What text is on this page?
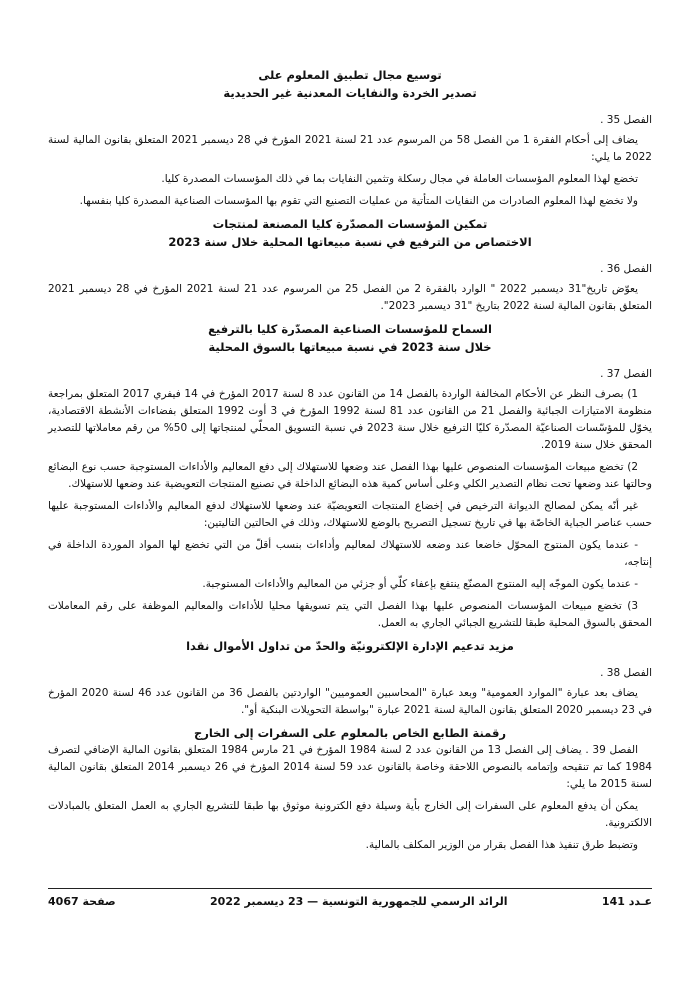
توسيع مجال تطبيق المعلوم على

تصدير الخردة والنفايات المعدنية غير الحديدية

الفصل 35 .

يضاف إلى أحكام الفقرة 1 من الفصل 58 من المرسوم عدد 21 لسنة 2021 المؤرخ في 28 ديسمبر 2021 المتعلق بقانون المالية لسنة 2022 ما يلي:

تخضع لهذا المعلوم المؤسسات العاملة في مجال رسكلة وتثمين النفايات بما في ذلك المؤسسات المصدرة كليا.

ولا تخضع لهذا المعلوم الصادرات من النفايات المتأتية من عمليات التصنيع التي تقوم بها المؤسسات الصناعية المصدرة كليا بنفسها.

تمكين المؤسسات المصدّرة كليا المصنعة لمنتجات

الاختصاص من الترفيع في نسبة مبيعاتها المحلية خلال سنة 2023

الفصل 36 .

يعوّض تاريخ"31 ديسمبر 2022 " الوارد بالفقرة 2 من الفصل 25 من المرسوم عدد 21 لسنة 2021 المؤرخ في 28 ديسمبر 2021 المتعلق بقانون المالية لسنة 2022 بتاريخ "31 ديسمبر 2023".

السماح للمؤسسات الصناعية المصدّرة كليا بالترفيع

خلال سنة 2023 في نسبة مبيعاتها بالسوق المحلية

الفصل 37 .

1) بصرف النظر عن الأحكام المخالفة الواردة بالفصل 14 من القانون عدد 8 لسنة 2017 المؤرخ في 14 فيفري 2017 المتعلق بمراجعة منظومة الامتيازات الجبائية والفصل 21 من القانون عدد 81 لسنة 1992 المؤرخ في 3 أوت 1992 المتعلق بفضاءات الأنشطة الاقتصادية، يخوّل للمؤسّسات الصناعيّة المصدّرة كليّا الترفيع خلال سنة 2023 في نسبة التسويق المحلّي لمنتجاتها إلى 50% من رقم معاملاتها للتصدير المحقق خلال سنة 2019.

2) تخضع مبيعات المؤسسات المنصوص عليها بهذا الفصل عند وضعها للاستهلاك إلى دفع المعاليم والأداءات المستوجبة حسب نوع البضائع وحالتها عند وضعها تحت نظام التصدير الكلي وعلى أساس كمية هذه البضائع الداخلة في تصنيع المنتجات التعويضية عند وضعها للاستهلاك.

غير أنّه يمكن لمصالح الديوانة الترخيص في إخضاع المنتجات التعويضيّة عند وضعها للاستهلاك لدفع المعاليم والأداءات المستوجبة عليها حسب عناصر الجباية الخاصّة بها في تاريخ تسجيل التصريح بالوضع للاستهلاك، وذلك في الحالتين التاليتين:

- عندما يكون المنتوج المحوّل خاضعا عند وضعه للاستهلاك لمعاليم وأداءات بنسب أقلّ من التي تخضع لها المواد الموردة الداخلة في إنتاجه،

- عندما يكون الموجّه إليه المنتوج المصنّع ينتفع بإعفاء كلّي أو جزئي من المعاليم والأداءات المستوجبة.

3) تخضع مبيعات المؤسسات المنصوص عليها بهذا الفصل التي يتم تسويقها محليا للأداءات والمعاليم الموظفة على رقم المعاملات المحقق بالسوق المحلية طبقا للتشريع الجبائي الجاري به العمل.

مزيد تدعيم الإدارة الإلكترونيّة والحدّ من تداول الأموال نقدا

الفصل 38 .

يضاف بعد عبارة "الموارد العمومية" وبعد عبارة "المحاسبين العموميين" الواردتين بالفصل 36 من القانون عدد 46 لسنة 2020 المؤرخ في 23 ديسمبر 2020 المتعلق بقانون المالية لسنة 2021 عبارة "بواسطة التحويلات البنكية أو".

رقمنة الطابع الخاص بالمعلوم على السفرات إلى الخارج

الفصل 39 . يضاف إلى الفصل 13 من القانون عدد 2 لسنة 1984 المؤرخ في 21 مارس 1984 المتعلق بقانون المالية الإضافي لتصرف 1984 كما تم تنقيحه وإتمامه بالنصوص اللاحقة وخاصة بالقانون عدد 59 لسنة 2014 المؤرخ في 26 ديسمبر 2014 المتعلق بقانون المالية لسنة 2015 ما يلي:

يمكن أن يدفع المعلوم على السفرات إلى الخارج بأية وسيلة دفع الكترونية موثوق بها طبقا للتشريع الجاري به العمل المتعلق بالمبادلات الالكترونية.

وتضبط طرق تنفيذ هذا الفصل بقرار من الوزير المكلف بالمالية.

عـدد 141
الرائد الرسمي للجمهورية التونسية — 23 ديسمبر 2022
صفحة 4067
